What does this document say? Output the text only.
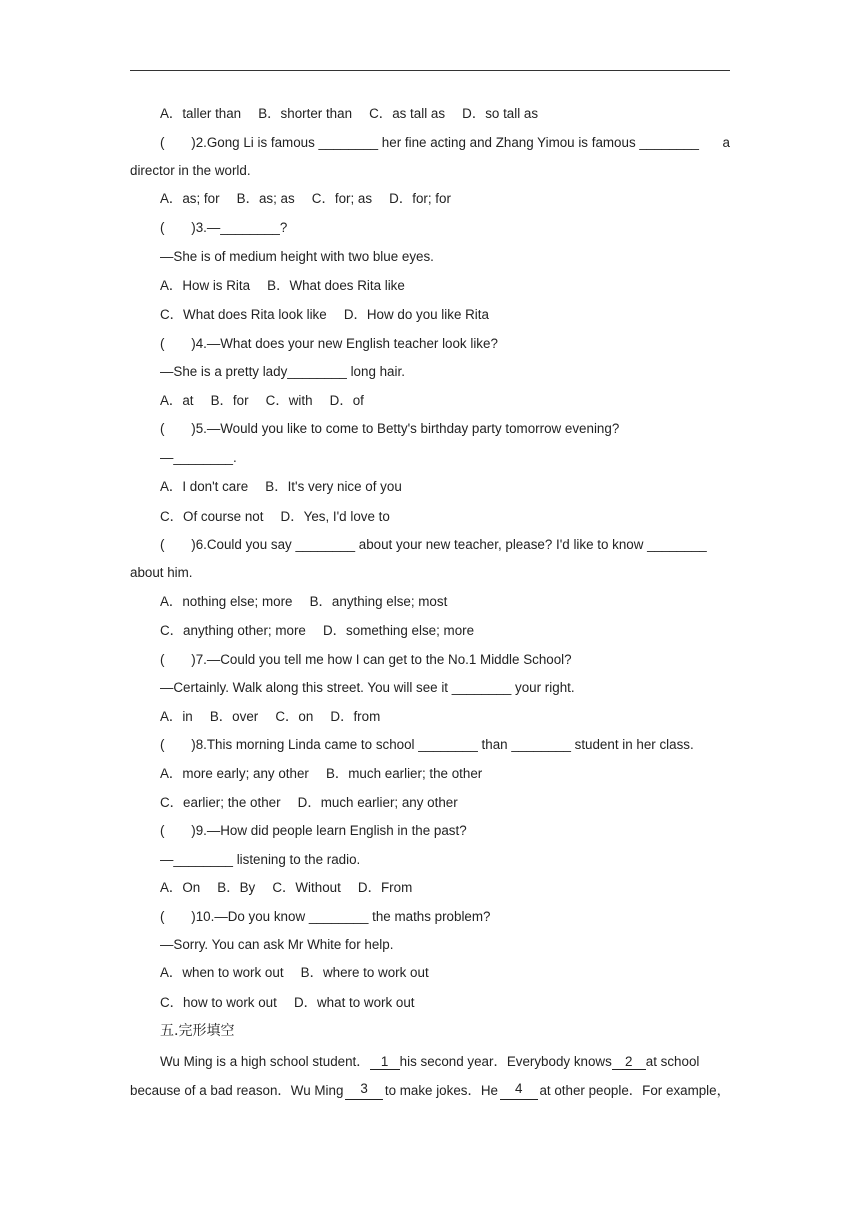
A．taller than　 B．shorter than　 C．as tall as　 D．so tall as
(　　)2.Gong Li is famous ________ her fine acting and Zhang Yimou is famous ________ a
director in the world.
A．as; for　 B．as; as　 C．for; as　 D．for; for
(　　)3.—________?
—She is of medium height with two blue eyes.
A．How is Rita　 B．What does Rita like
C．What does Rita look like　 D．How do you like Rita
(　　)4.—What does your new English teacher look like?
—She is a pretty lady________ long hair.
A．at　 B．for　 C．with　 D．of
(　　)5.—Would you like to come to Betty's birthday party tomorrow evening?
—________.
A．I don't care　 B．It's very nice of you
C．Of course not　 D．Yes, I'd love to
(　　)6.Could you say ________ about your new teacher, please? I'd like to know ________
about him.
A．nothing else; more　 B．anything else; most
C．anything other; more　 D．something else; more
(　　)7.—Could you tell me how I can get to the No.1 Middle School?
—Certainly. Walk along this street. You will see it ________ your right.
A．in　 B．over　 C．on　 D．from
(　　)8.This morning Linda came to school ________ than ________ student in her class.
A．more early; any other　 B．much earlier; the other
C．earlier; the other　 D．much earlier; any other
(　　)9.—How did people learn English in the past?
—________ listening to the radio.
A．On　 B．By　 C．Without　 D．From
(　　)10.—Do you know ________ the maths problem?
—Sorry. You can ask Mr White for help.
A．when to work out　 B．where to work out
C．how to work out　 D．what to work out
五.完形填空
Wu Ming is a high school student． 1 his second year．Everybody knows 2 at school
because of a bad reason．Wu Ming	3	to make jokes．He	4	at other people．For example，
